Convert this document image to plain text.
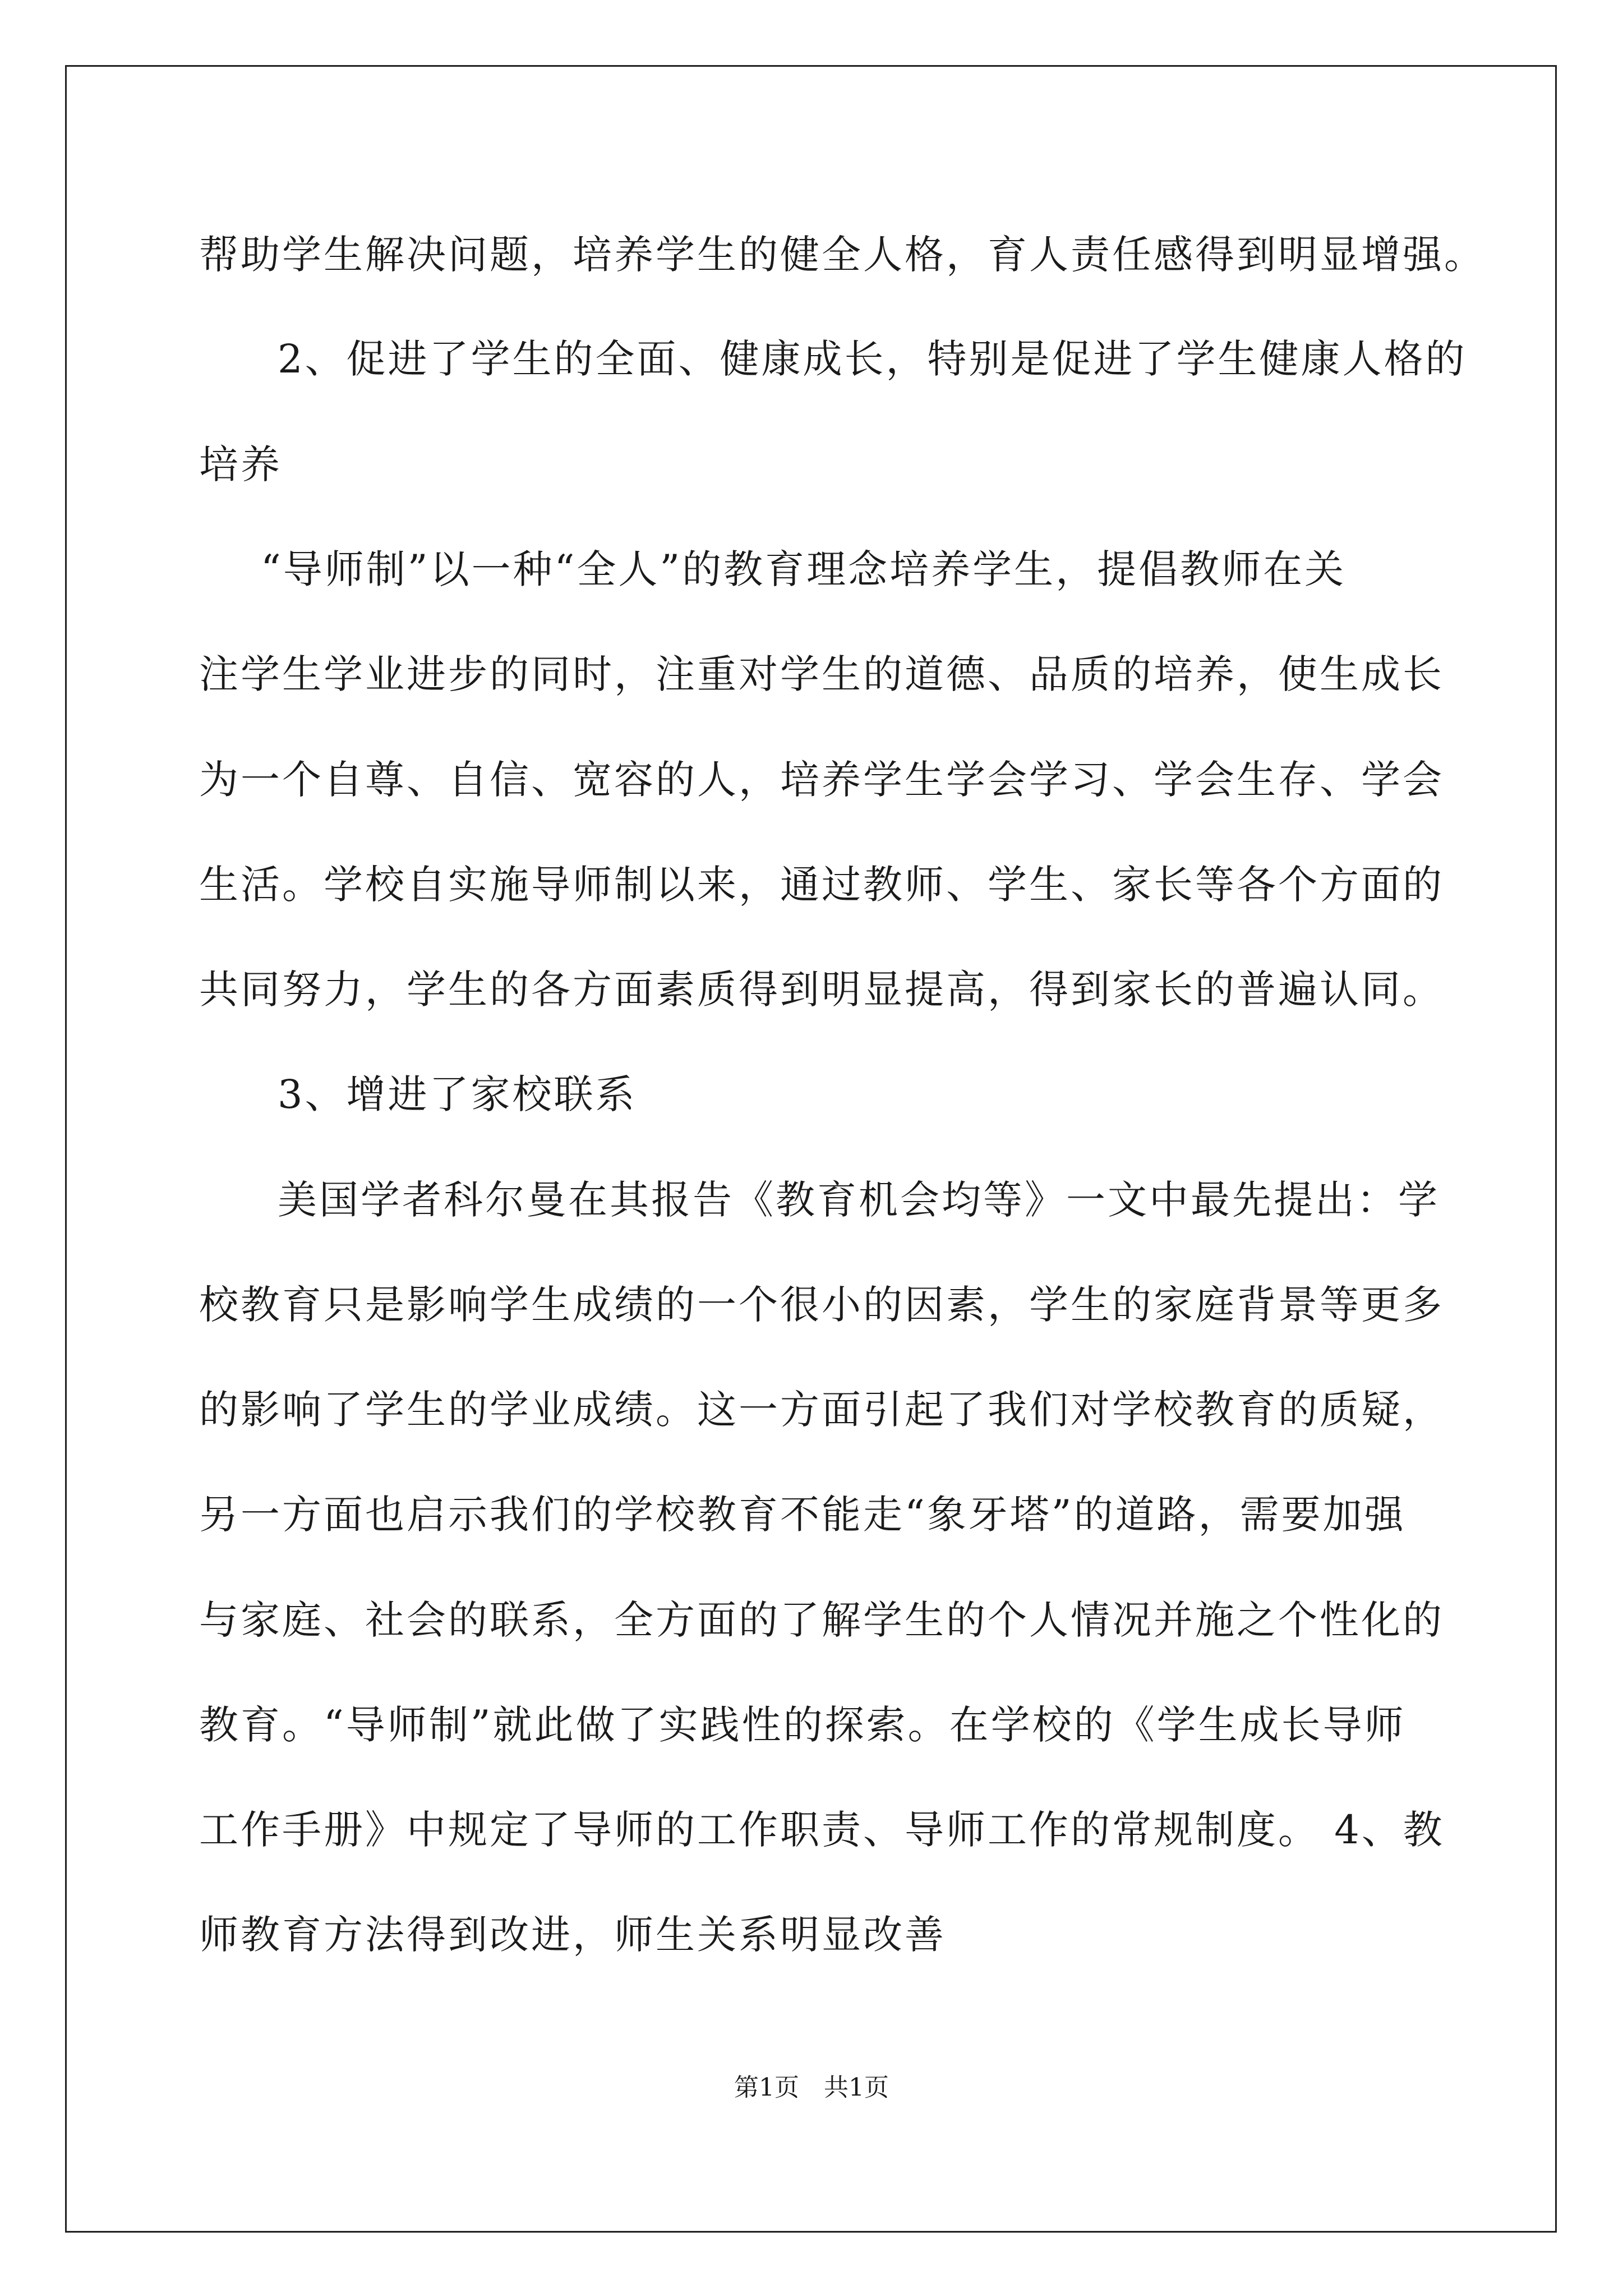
帮助学生解决问题，培养学生的健全人格，育人责任感得到明显增强。
2、促进了学生的全面、健康成长，特别是促进了学生健康人格的
培养
“导师制”以一种“全人”的教育理念培养学生，提倡教师在关
注学生学业进步的同时，注重对学生的道德、品质的培养，使生成长
为一个自尊、自信、宽容的人，培养学生学会学习、学会生存、学会
生活。学校自实施导师制以来，通过教师、学生、家长等各个方面的
共同努力，学生的各方面素质得到明显提高，得到家长的普遍认同。
3、增进了家校联系
美国学者科尔曼在其报告《教育机会均等》一文中最先提出：学
校教育只是影响学生成绩的一个很小的因素，学生的家庭背景等更多
的影响了学生的学业成绩。这一方面引起了我们对学校教育的质疑，
另一方面也启示我们的学校教育不能走“象牙塔”的道路，需要加强
与家庭、社会的联系，全方面的了解学生的个人情况并施之个性化的
教育。“导师制”就此做了实践性的探索。在学校的《学生成长导师
工作手册》中规定了导师的工作职责、导师工作的常规制度。 4、教
师教育方法得到改进，师生关系明显改善
第1页　共1页
